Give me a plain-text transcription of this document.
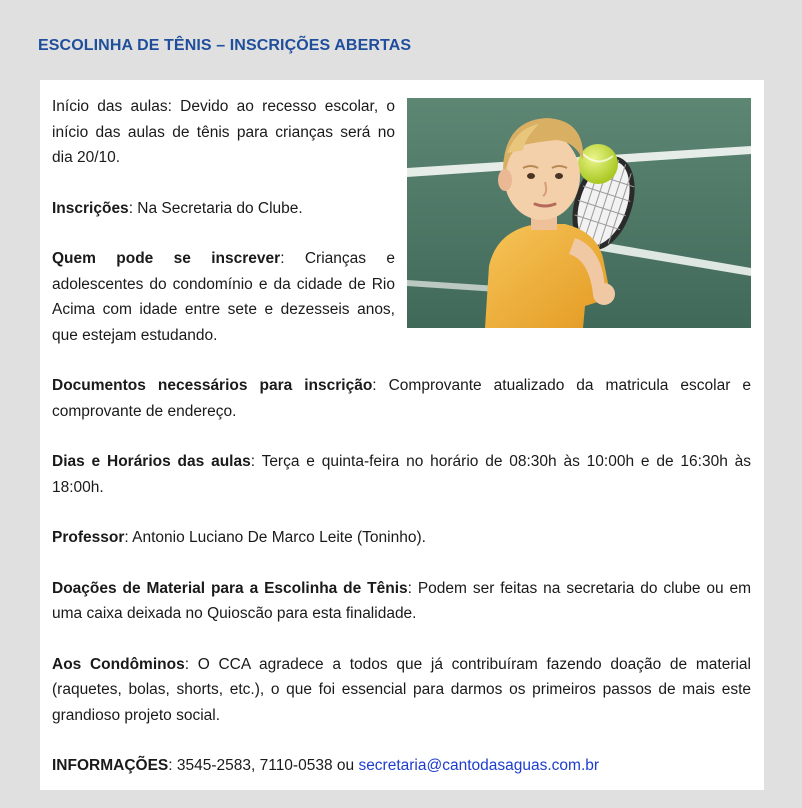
ESCOLINHA DE TÊNIS – INSCRIÇÕES ABERTAS

Início das aulas: Devido ao recesso escolar, o início das aulas de tênis para crianças será no dia 20/10.

Inscrições: Na Secretaria do Clube.

Quem pode se inscrever: Crianças e adolescentes do condomínio e da cidade de Rio Acima com idade entre sete e dezesseis anos, que estejam estudando.

Documentos necessários para inscrição: Comprovante atualizado da matricula escolar e comprovante de endereço.

Dias e Horários das aulas: Terça e quinta-feira no horário de 08:30h às 10:00h e de 16:30h às 18:00h.

Professor: Antonio Luciano De Marco Leite (Toninho).

Doações de Material para a Escolinha de Tênis: Podem ser feitas na secretaria do clube ou em uma caixa deixada no Quioscão para esta finalidade.

Aos Condôminos: O CCA agradece a todos que já contribuíram fazendo doação de material (raquetes, bolas, shorts, etc.), o que foi essencial para darmos os primeiros passos de mais este grandioso projeto social.

INFORMAÇÕES: 3545-2583, 7110-0538 ou secretaria@cantodasaguas.com.br
